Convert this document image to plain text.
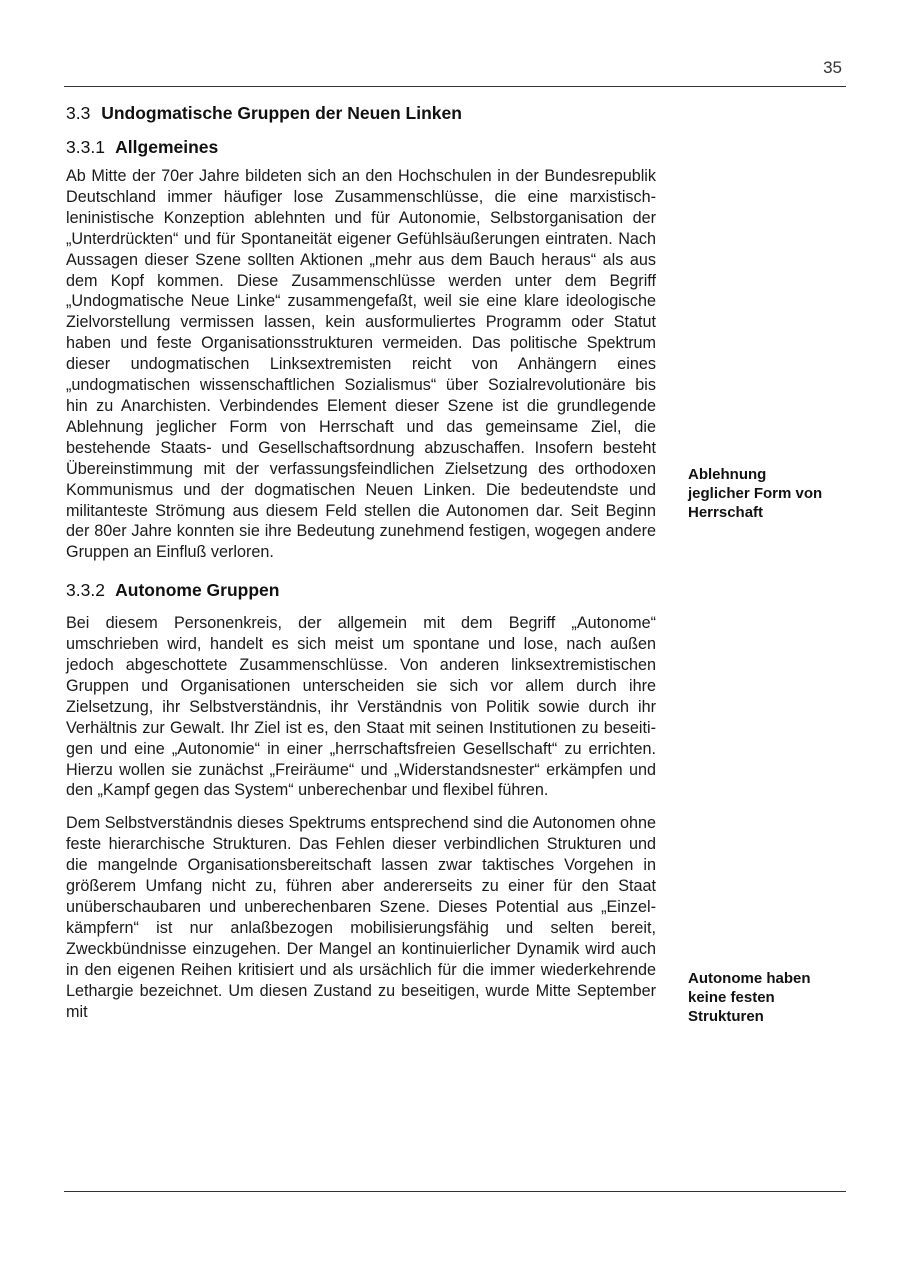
35
3.3 Undogmatische Gruppen der Neuen Linken
3.3.1 Allgemeines

Ab Mitte der 70er Jahre bildeten sich an den Hochschulen in der Bundesrepublik Deutschland immer häufiger lose Zusammenschlüsse, die eine marxistisch-leninistische Konzeption ablehnten und für Autonomie, Selbstorganisation der „Unterdrückten“ und für Spontaneität eigener Gefühlsäußerungen eintraten. Nach Aussagen dieser Szene sollten Aktionen „mehr aus dem Bauch heraus“ als aus dem Kopf kommen. Diese Zusammenschlüsse werden unter dem Begriff „Undogmatische Neue Linke“ zusammengefaßt, weil sie eine klare ideologische Zielvorstellung vermissen lassen, kein ausformuliertes Programm oder Statut haben und feste Organisationsstrukturen vermeiden. Das politische Spektrum dieser undogmatischen Linksextremisten reicht von Anhängern eines „undogmatischen wissenschaftlichen Sozialismus“ über Sozialrevolutionäre bis hin zu Anarchisten. Verbindendes Element dieser Szene ist die grundlegende Ablehnung jeglicher Form von Herrschaft und das gemeinsame Ziel, die bestehende Staats- und Gesellschaftsordnung abzuschaffen. Insofern besteht Übereinstimmung mit der verfassungsfeindlichen Zielsetzung des orthodoxen Kommunismus und der dogmatischen Neuen Linken. Die bedeutendste und militanteste Strömung aus diesem Feld stellen die Autonomen dar. Seit Beginn der 80er Jahre konnten sie ihre Bedeutung zunehmend festigen, wogegen andere Gruppen an Einfluß verloren.

3.3.2 Autonome Gruppen

Bei diesem Personenkreis, der allgemein mit dem Begriff „Autonome“ umschrieben wird, handelt es sich meist um spontane und lose, nach außen jedoch abgeschottete Zusammenschlüsse. Von anderen linksextremistischen Gruppen und Organisationen unterscheiden sie sich vor allem durch ihre Zielsetzung, ihr Selbstverständnis, ihr Verständnis von Politik sowie durch ihr Verhältnis zur Gewalt. Ihr Ziel ist es, den Staat mit seinen Institutionen zu beseitigen und eine „Autonomie“ in einer „herrschaftsfreien Gesellschaft“ zu errichten. Hierzu wollen sie zunächst „Freiräume“ und „Widerstandsnester“ erkämpfen und den „Kampf gegen das System“ unberechenbar und flexibel führen.

Dem Selbstverständnis dieses Spektrums entsprechend sind die Autonomen ohne feste hierarchische Strukturen. Das Fehlen dieser verbindlichen Strukturen und die mangelnde Organisationsbereitschaft lassen zwar taktisches Vorgehen in größerem Umfang nicht zu, führen aber andererseits zu einer für den Staat unüberschaubaren und unberechenbaren Szene. Dieses Potential aus „Einzelkämpfern“ ist nur anlaßbezogen mobilisierungsfähig und selten bereit, Zweckbündnisse einzugehen. Der Mangel an kontinuierlicher Dynamik wird auch in den eigenen Reihen kritisiert und als ursächlich für die immer wiederkehrende Lethargie bezeichnet. Um diesen Zustand zu beseitigen, wurde Mitte September mit

Ablehnung
jeglicher Form von
Herrschaft
Autonome haben
keine festen
Strukturen
